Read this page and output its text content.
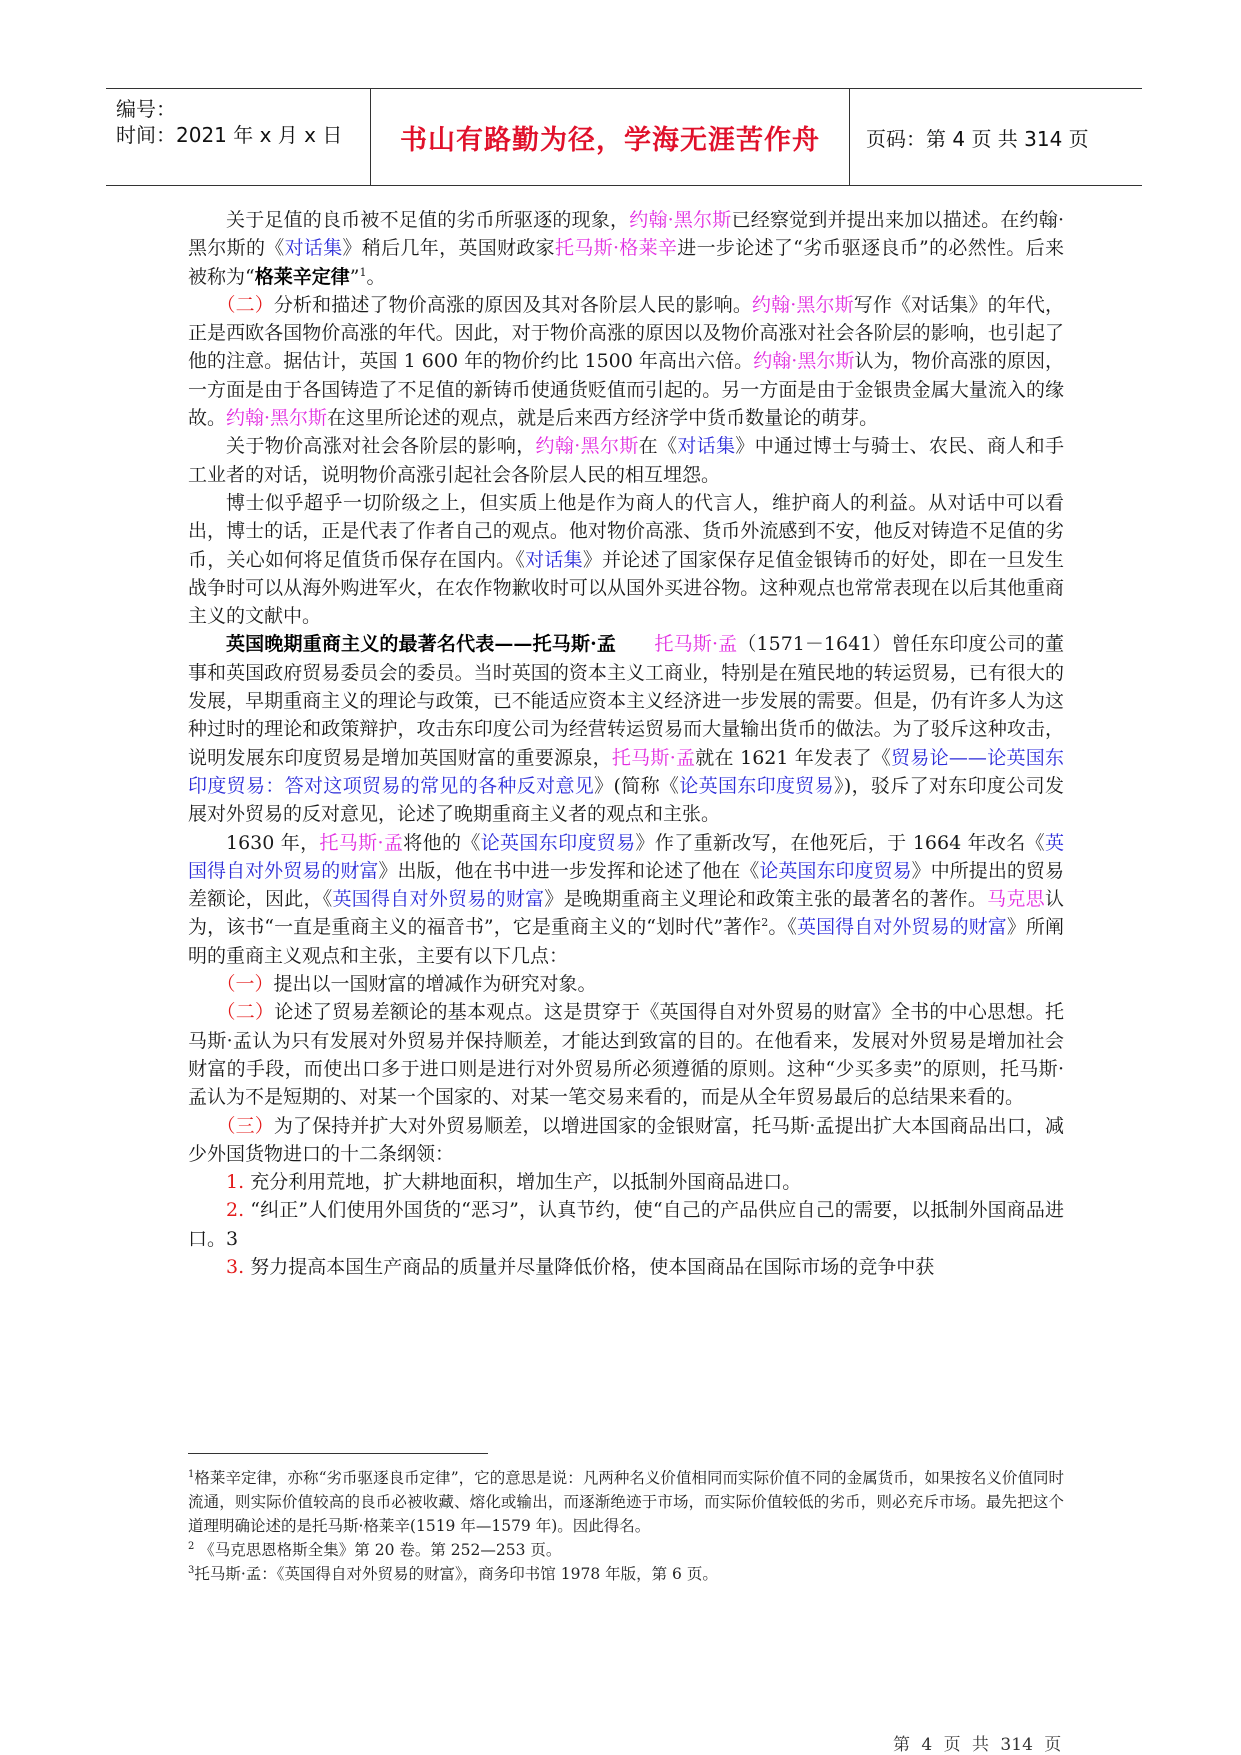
编号：
时间：2021 年 x 月 x 日 书山有路勤为径，学海无涯苦作舟 页码：第 4 页 共 314 页

关于足值的良币被不足值的劣币所驱逐的现象，约翰·黑尔斯已经察觉到并提出来加以描述。在约翰·黑尔斯的《对话集》稍后几年，英国财政家托马斯·格莱辛进一步论述了“劣币驱逐良币”的必然性。后来被称为“格莱辛定律”$^1$。

（二）分析和描述了物价高涨的原因及其对各阶层人民的影响。约翰·黑尔斯写作《对话集》的年代，正是西欧各国物价高涨的年代。因此，对于物价高涨的原因以及物价高涨对社会各阶层的影响，也引起了他的注意。据估计，英国 1 600 年的物价约比 1500 年高出六倍。约翰·黑尔斯认为，物价高涨的原因，一方面是由于各国铸造了不足值的新铸币使通货贬值而引起的。另一方面是由于金银贵金属大量流入的缘故。约翰·黑尔斯在这里所论述的观点，就是后来西方经济学中货币数量论的萌芽。

关于物价高涨对社会各阶层的影响，约翰·黑尔斯在《对话集》中通过博士与骑士、农民、商人和手工业者的对话，说明物价高涨引起社会各阶层人民的相互埋怨。

博士似乎超乎一切阶级之上，但实质上他是作为商人的代言人，维护商人的利益。从对话中可以看出，博士的话，正是代表了作者自己的观点。他对物价高涨、货币外流感到不安，他反对铸造不足值的劣币，关心如何将足值货币保存在国内。《对话集》并论述了国家保存足值金银铸币的好处，即在一旦发生战争时可以从海外购进军火，在农作物歉收时可以从国外买进谷物。这种观点也常常表现在以后其他重商主义的文献中。

英国晚期重商主义的最著名代表——托马斯·孟　　 托马斯·孟（1571－1641）曾任东印度公司的董事和英国政府贸易委员会的委员。当时英国的资本主义工商业，特别是在殖民地的转运贸易，已有很大的发展，早期重商主义的理论与政策，已不能适应资本主义经济进一步发展的需要。但是，仍有许多人为这种过时的理论和政策辩护，攻击东印度公司为经营转运贸易而大量输出货币的做法。为了驳斥这种攻击，说明发展东印度贸易是增加英国财富的重要源泉，托马斯·孟就在 1621 年发表了《贸易论——论英国东印度贸易：答对这项贸易的常见的各种反对意见》(简称《论英国东印度贸易》)，驳斥了对东印度公司发展对外贸易的反对意见，论述了晚期重商主义者的观点和主张。

1630 年，托马斯·孟将他的《论英国东印度贸易》作了重新改写，在他死后，于 1664 年改名《英国得自对外贸易的财富》出版，他在书中进一步发挥和论述了他在《论英国东印度贸易》中所提出的贸易差额论，因此，《英国得自对外贸易的财富》是晚期重商主义理论和政策主张的最著名的著作。马克思认为，该书“一直是重商主义的福音书”，它是重商主义的“划时代”著作$^2$。《英国得自对外贸易的财富》所阐明的重商主义观点和主张，主要有以下几点：

（一）提出以一国财富的增减作为研究对象。

（二）论述了贸易差额论的基本观点。这是贯穿于《英国得自对外贸易的财富》全书的中心思想。托马斯·孟认为只有发展对外贸易并保持顺差，才能达到致富的目的。在他看来，发展对外贸易是增加社会财富的手段，而使出口多于进口则是进行对外贸易所必须遵循的原则。这种“少买多卖”的原则，托马斯·孟认为不是短期的、对某一个国家的、对某一笔交易来看的，而是从全年贸易最后的总结果来看的。

（三）为了保持并扩大对外贸易顺差，以增进国家的金银财富，托马斯·孟提出扩大本国商品出口，减少外国货物进口的十二条纲领：

1. 充分利用荒地，扩大耕地面积，增加生产，以抵制外国商品进口。

2. “纠正”人们使用外国货的“恶习”，认真节约，使“自己的产品供应自己的需要，以抵制外国商品进口。3

3. 努力提高本国生产商品的质量并尽量降低价格，使本国商品在国际市场的竞争中获

$^1$格莱辛定律，亦称“劣币驱逐良币定律”，它的意思是说：凡两种名义价值相同而实际价值不同的金属货币，如果按名义价值同时流通，则实际价值较高的良币必被收藏、熔化或输出，而逐渐绝迹于市场，而实际价值较低的劣币，则必充斥市场。最先把这个道理明确论述的是托马斯·格莱辛(1519 年—1579 年)。因此得名。

$^2$ 《马克思恩格斯全集》第 20 卷。第 252—253 页。

$^3$托马斯·孟：《英国得自对外贸易的财富》，商务印书馆 1978 年版，第 6 页。

第 4 页 共 314 页
